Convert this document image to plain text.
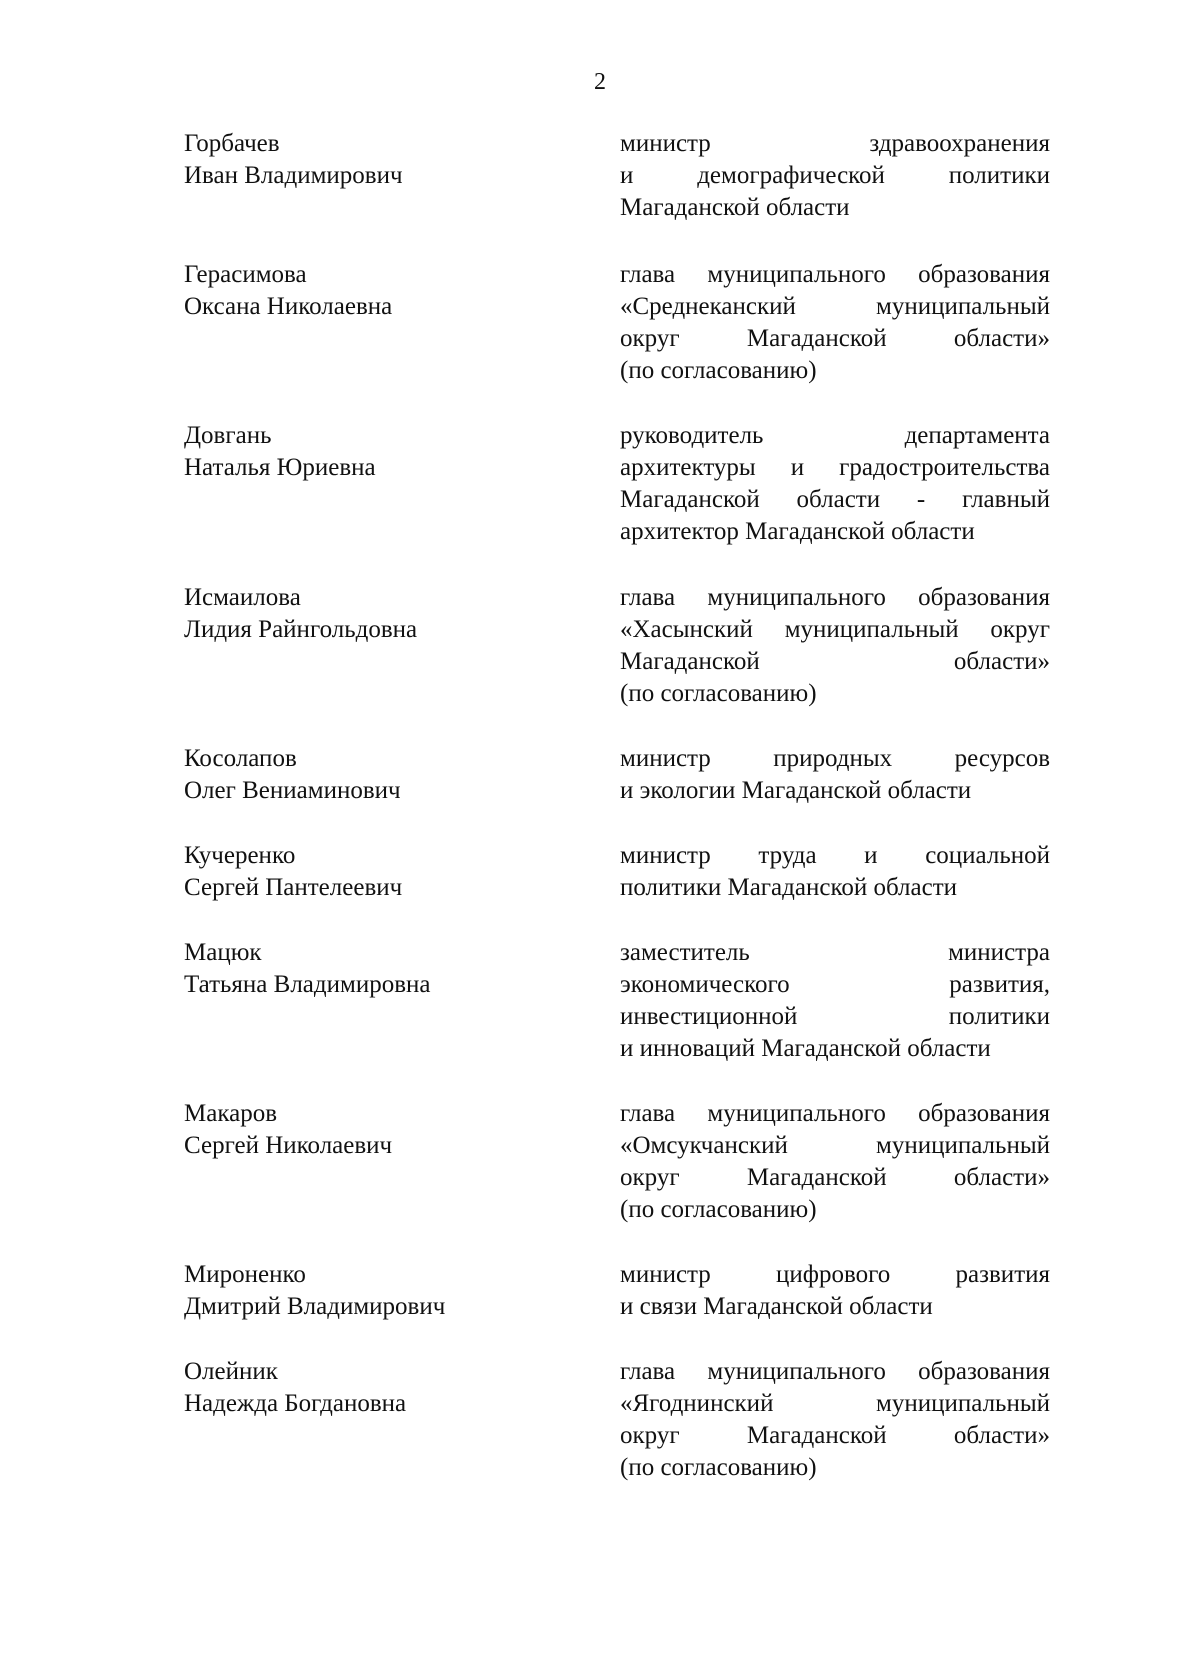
2
Горбачев
Иван Владимирович
министр здравоохранения
и демографической политики
Магаданской области
Герасимова
Оксана Николаевна
глава муниципального образования
«Среднеканский муниципальный
округ Магаданской области»
(по согласованию)
Довгань
Наталья Юриевна
руководитель департамента
архитектуры и градостроительства
Магаданской области - главный
архитектор Магаданской области
Исмаилова
Лидия Райнгольдовна
глава муниципального образования
«Хасынский муниципальный округ
Магаданской области»
(по согласованию)
Косолапов
Олег Вениаминович
министр природных ресурсов
и экологии Магаданской области
Кучеренко
Сергей Пантелеевич
министр труда и социальной
политики Магаданской области
Мацюк
Татьяна Владимировна
заместитель министра
экономического развития,
инвестиционной политики
и инноваций Магаданской области
Макаров
Сергей Николаевич
глава муниципального образования
«Омсукчанский муниципальный
округ Магаданской области»
(по согласованию)
Мироненко
Дмитрий Владимирович
министр цифрового развития
и связи Магаданской области
Олейник
Надежда Богдановна
глава муниципального образования
«Ягоднинский муниципальный
округ Магаданской области»
(по согласованию)
